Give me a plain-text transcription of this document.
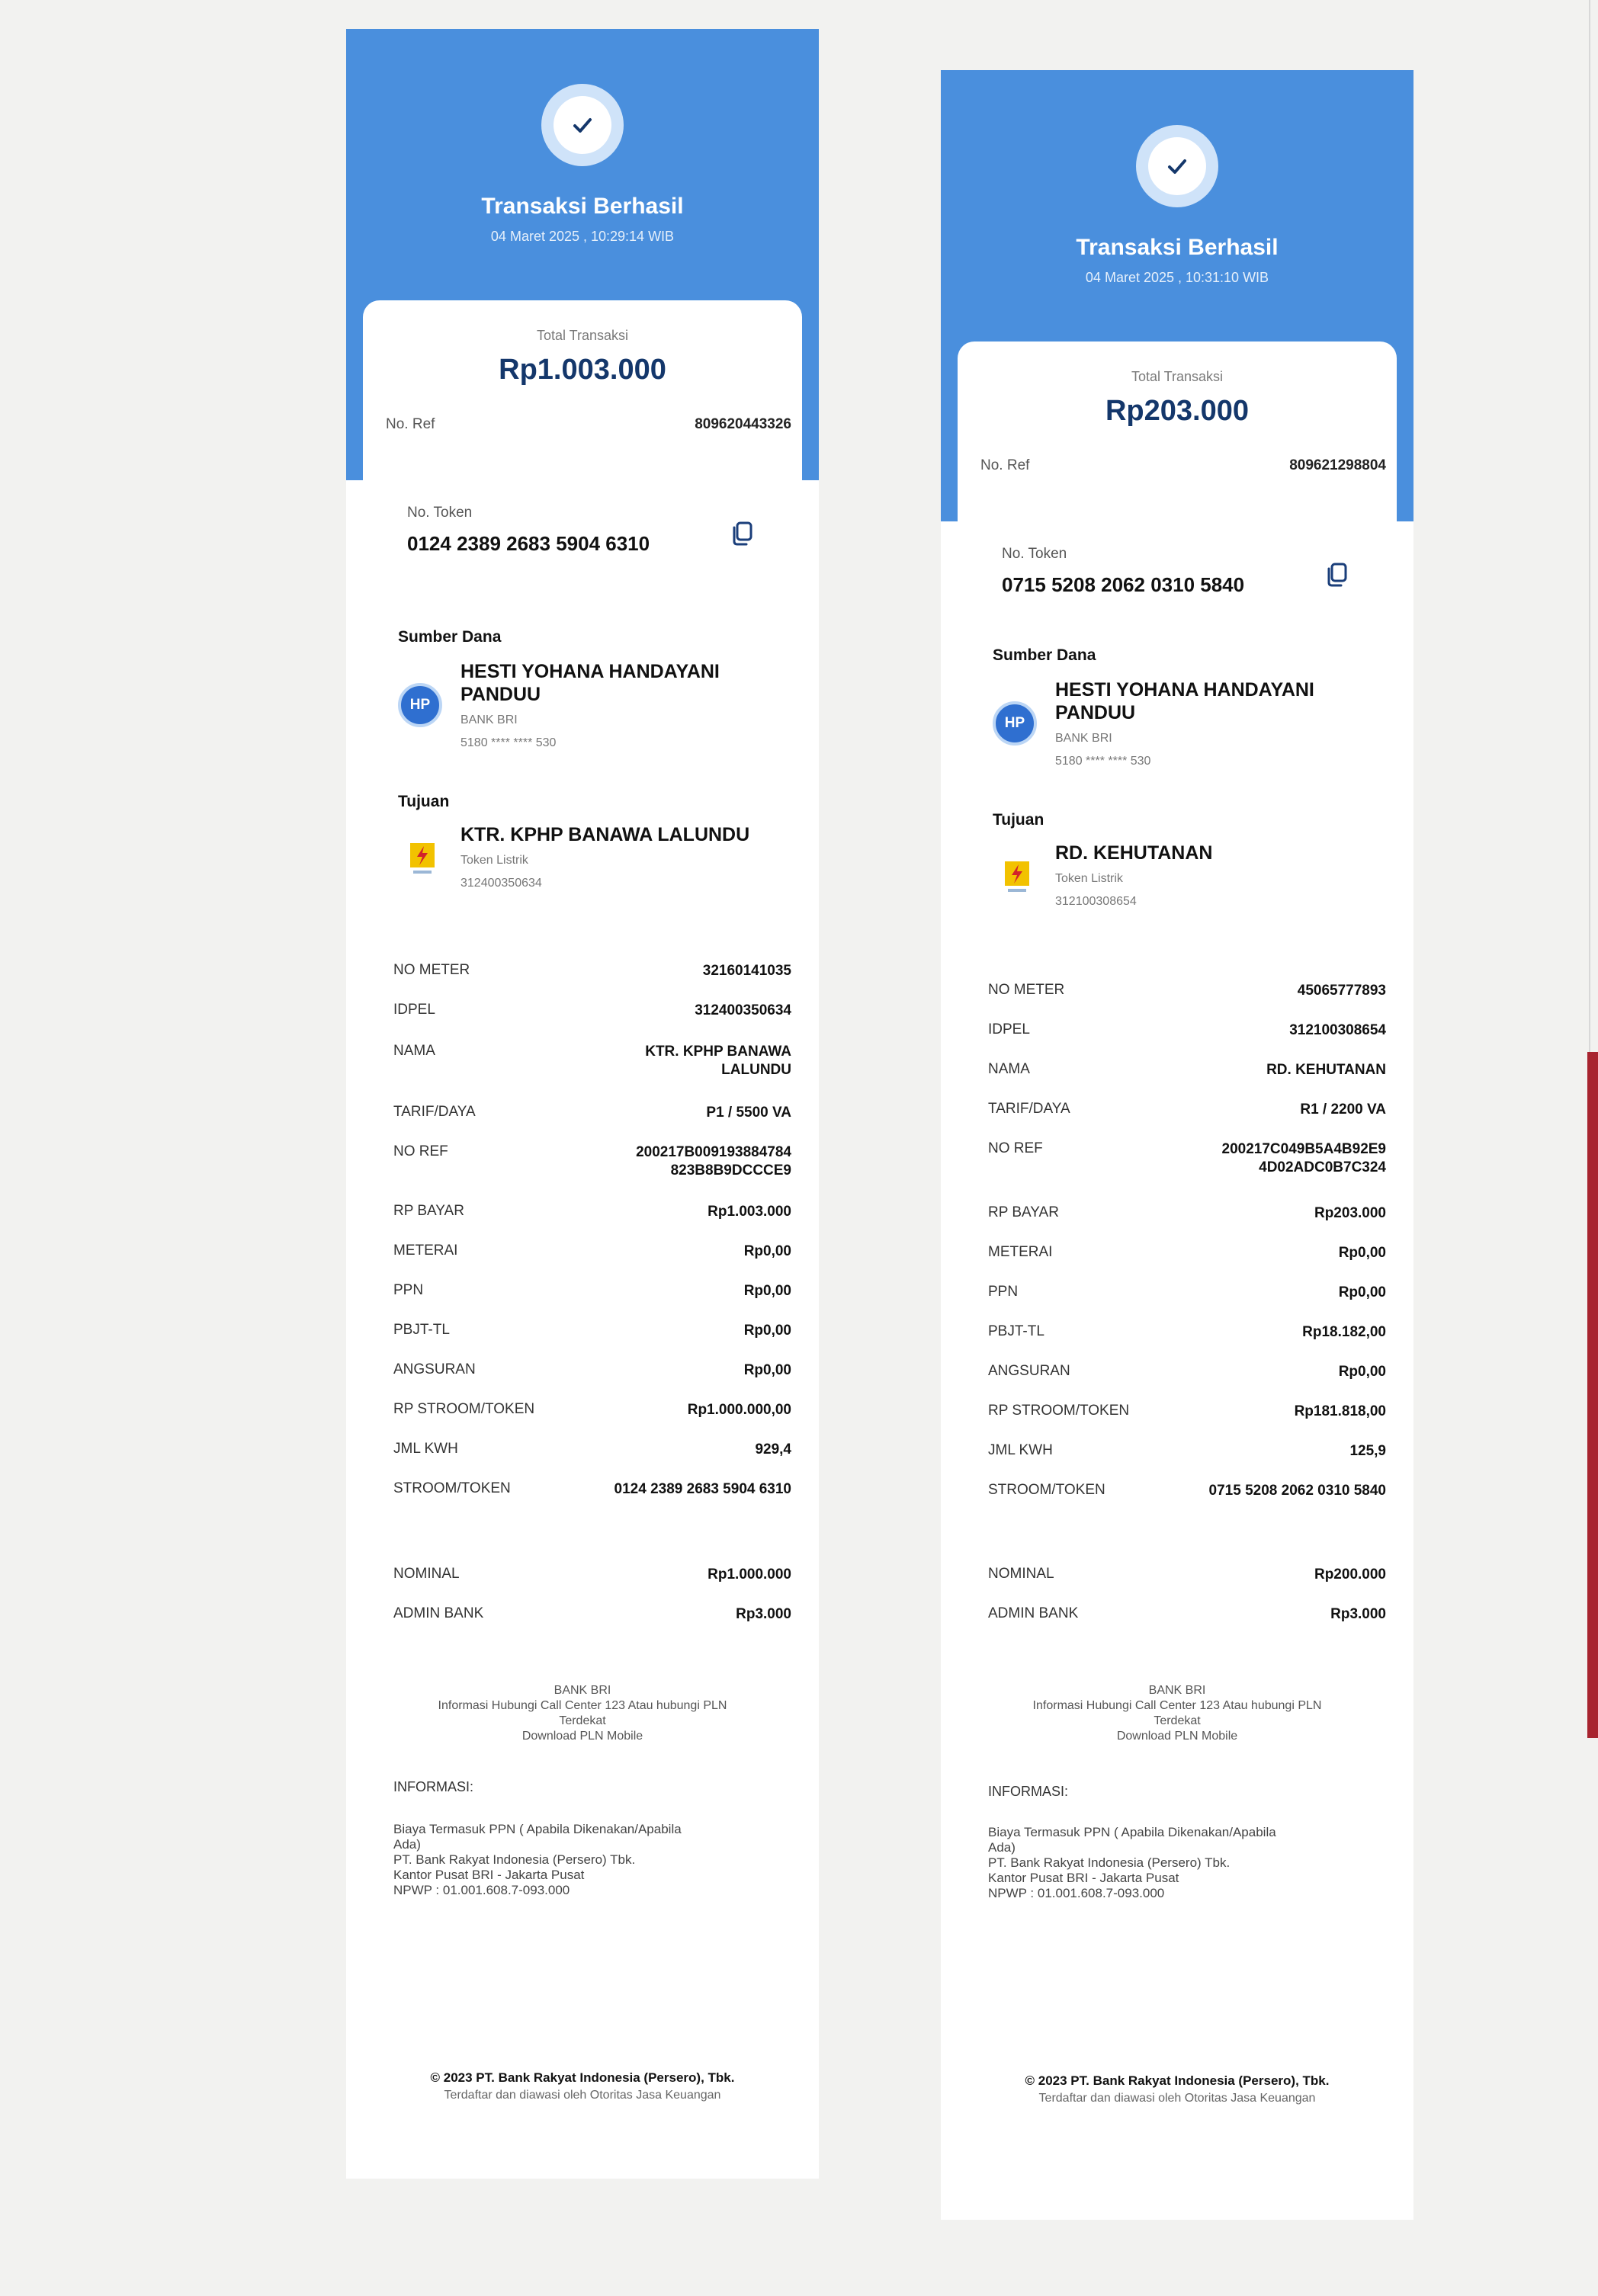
Transaksi Berhasil
04 Maret 2025 , 10:29:14 WIB
Total Transaksi
Rp1.003.000
No. Ref	809620443326
No. Token
0124 2389 2683 5904 6310
Sumber Dana
HP
HESTI YOHANA HANDAYANI PANDUU
BANK BRI
5180 **** **** 530
Tujuan
KTR. KPHP BANAWA LALUNDU
Token Listrik
312400350634
NO METER	32160141035
IDPEL	312400350634
NAMA	KTR. KPHP BANAWA LALUNDU
TARIF/DAYA	P1 / 5500 VA
NO REF	200217B009193884784 823B8B9DCCCE9
RP BAYAR	Rp1.003.000
METERAI	Rp0,00
PPN	Rp0,00
PBJT-TL	Rp0,00
ANGSURAN	Rp0,00
RP STROOM/TOKEN	Rp1.000.000,00
JML KWH	929,4
STROOM/TOKEN	0124 2389 2683 5904 6310
NOMINAL	Rp1.000.000
ADMIN BANK	Rp3.000
BANK BRI
Informasi Hubungi Call Center 123 Atau hubungi PLN
Terdekat
Download PLN Mobile
INFORMASI:
Biaya Termasuk PPN ( Apabila Dikenakan/Apabila
Ada)
PT. Bank Rakyat Indonesia (Persero) Tbk.
Kantor Pusat BRI - Jakarta Pusat
NPWP : 01.001.608.7-093.000
© 2023 PT. Bank Rakyat Indonesia (Persero), Tbk.
Terdaftar dan diawasi oleh Otoritas Jasa Keuangan
Transaksi Berhasil
04 Maret 2025 , 10:31:10 WIB
Total Transaksi
Rp203.000
No. Ref	809621298804
No. Token
0715 5208 2062 0310 5840
Sumber Dana
HP
HESTI YOHANA HANDAYANI PANDUU
BANK BRI
5180 **** **** 530
Tujuan
RD. KEHUTANAN
Token Listrik
312100308654
NO METER	45065777893
IDPEL	312100308654
NAMA	RD. KEHUTANAN
TARIF/DAYA	R1 / 2200 VA
NO REF	200217C049B5A4B92E9 4D02ADC0B7C324
RP BAYAR	Rp203.000
METERAI	Rp0,00
PPN	Rp0,00
PBJT-TL	Rp18.182,00
ANGSURAN	Rp0,00
RP STROOM/TOKEN	Rp181.818,00
JML KWH	125,9
STROOM/TOKEN	0715 5208 2062 0310 5840
NOMINAL	Rp200.000
ADMIN BANK	Rp3.000
BANK BRI
Informasi Hubungi Call Center 123 Atau hubungi PLN
Terdekat
Download PLN Mobile
INFORMASI:
Biaya Termasuk PPN ( Apabila Dikenakan/Apabila
Ada)
PT. Bank Rakyat Indonesia (Persero) Tbk.
Kantor Pusat BRI - Jakarta Pusat
NPWP : 01.001.608.7-093.000
© 2023 PT. Bank Rakyat Indonesia (Persero), Tbk.
Terdaftar dan diawasi oleh Otoritas Jasa Keuangan
